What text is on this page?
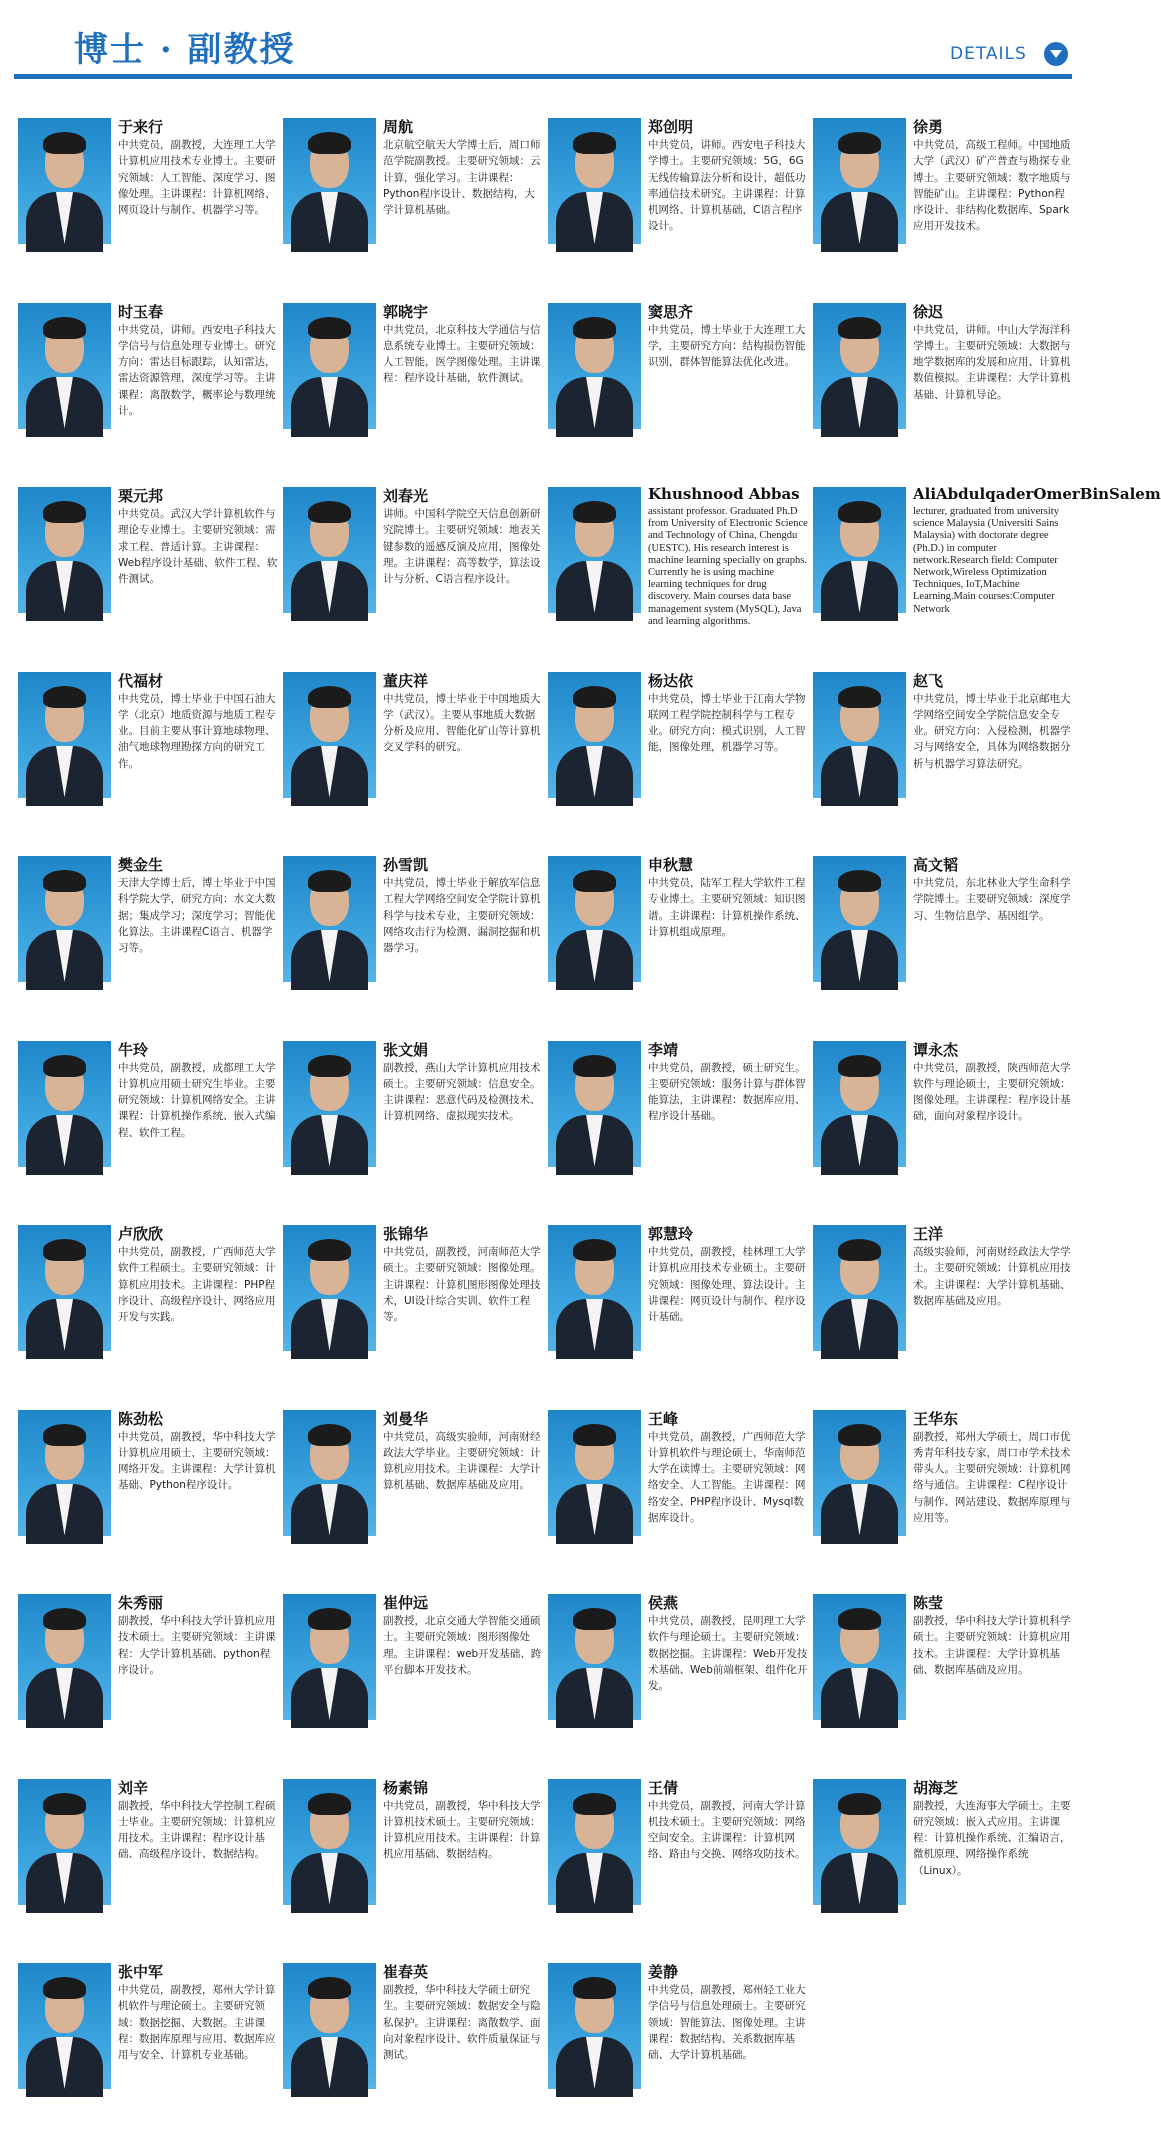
博士 · 副教授	DETAILS
于来行
中共党员，副教授，大连理工大学计算机应用技术专业博士。主要研究领域：人工智能、深度学习、图像处理。主讲课程：计算机网络、网页设计与制作、机器学习等。
周航
北京航空航天大学博士后，周口师范学院副教授。主要研究领域：云计算，强化学习。主讲课程：Python程序设计、数据结构，大学计算机基础。
郑创明
中共党员，讲师。西安电子科技大学博士。主要研究领域：5G，6G无线传输算法分析和设计，超低功率通信技术研究。主讲课程：计算机网络、计算机基础，C语言程序设计。
徐勇
中共党员，高级工程师。中国地质大学（武汉）矿产普查与勘探专业博士。主要研究领域：数字地质与智能矿山。主讲课程：Python程序设计、非结构化数据库、Spark应用开发技术。
时玉春
中共党员，讲师。西安电子科技大学信号与信息处理专业博士。研究方向：雷达目标跟踪，认知雷达，雷达资源管理，深度学习等。主讲课程：离散数学，概率论与数理统计。
郭晓宇
中共党员，北京科技大学通信与信息系统专业博士。主要研究领域：人工智能，医学图像处理。主讲课程：程序设计基础，软件测试。
窦思齐
中共党员，博士毕业于大连理工大学，主要研究方向：结构损伤智能识别，群体智能算法优化改进。
徐迟
中共党员，讲师。中山大学海洋科学博士。主要研究领域：大数据与地学数据库的发展和应用、计算机数值模拟。主讲课程：大学计算机基础、计算机导论。
栗元邦
中共党员。武汉大学计算机软件与理论专业博士。主要研究领域：需求工程、普适计算。主讲课程：Web程序设计基础、软件工程、软件测试。
刘春光
讲师。中国科学院空天信息创新研究院博士。主要研究领域：地表关键参数的遥感反演及应用，图像处理。主讲课程：高等数学，算法设计与分析、C语言程序设计。
Khushnood Abbas
assistant professor. Graduated Ph.D from University of Electronic Science and Technology of China, Chengdu (UESTC). His research interest is machine learning specially on graphs. Currently he is using machine learning techniques for drug discovery. Main courses data base management system (MySQL), Java and learning algorithms.
AliAbdulqaderOmerBinSalem
lecturer, graduated from university science Malaysia (Universiti Sains Malaysia) with doctorate degree (Ph.D.) in computer network.Research field: Computer Network,Wireless Optimization Techniques, IoT,Machine Learning.Main courses:Computer Network
代福材
中共党员，博士毕业于中国石油大学（北京）地质资源与地质工程专业。目前主要从事计算地球物理、油气地球物理勘探方向的研究工作。
董庆祥
中共党员，博士毕业于中国地质大学（武汉）。主要从事地质大数据分析及应用、智能化矿山等计算机交叉学科的研究。
杨达依
中共党员，博士毕业于江南大学物联网工程学院控制科学与工程专业。研究方向：模式识别，人工智能，图像处理，机器学习等。
赵飞
中共党员，博士毕业于北京邮电大学网络空间安全学院信息安全专业。研究方向：入侵检测，机器学习与网络安全，具体为网络数据分析与机器学习算法研究。
樊金生
天津大学博士后，博士毕业于中国科学院大学，研究方向：水文大数据；集成学习；深度学习；智能优化算法。主讲课程C语言、机器学习等。
孙雪凯
中共党员，博士毕业于解放军信息工程大学网络空间安全学院计算机科学与技术专业，主要研究领域：网络攻击行为检测、漏洞挖掘和机器学习。
申秋慧
中共党员，陆军工程大学软件工程专业博士。主要研究领域：知识图谱。主讲课程：计算机操作系统、计算机组成原理。
高文韬
中共党员，东北林业大学生命科学学院博士。主要研究领域：深度学习、生物信息学、基因组学。
牛玲
中共党员，副教授，成都理工大学计算机应用硕士研究生毕业。主要研究领域：计算机网络安全。主讲课程：计算机操作系统、嵌入式编程、软件工程。
张文娟
副教授，燕山大学计算机应用技术硕士。主要研究领域：信息安全。主讲课程：恶意代码及检测技术、计算机网络、虚拟现实技术。
李靖
中共党员，副教授，硕士研究生。主要研究领域：服务计算与群体智能算法，主讲课程：数据库应用、程序设计基础。
谭永杰
中共党员，副教授，陕西师范大学软件与理论硕士，主要研究领域：图像处理。主讲课程：程序设计基础，面向对象程序设计。
卢欣欣
中共党员，副教授，广西师范大学软件工程硕士。主要研究领域：计算机应用技术。主讲课程：PHP程序设计、高级程序设计、网络应用开发与实践。
张锦华
中共党员，副教授，河南师范大学硕士。主要研究领域：图像处理。主讲课程：计算机图形图像处理技术，UI设计综合实训、软件工程等。
郭慧玲
中共党员，副教授，桂林理工大学计算机应用技术专业硕士。主要研究领域：图像处理、算法设计。主讲课程：网页设计与制作、程序设计基础。
王洋
高级实验师，河南财经政法大学学士。主要研究领域：计算机应用技术。主讲课程：大学计算机基础、数据库基础及应用。
陈劲松
中共党员，副教授，华中科技大学计算机应用硕士，主要研究领域：网络开发。主讲课程：大学计算机基础、Python程序设计。
刘曼华
中共党员，高级实验师，河南财经政法大学毕业。主要研究领域：计算机应用技术。主讲课程：大学计算机基础、数据库基础及应用。
王峰
中共党员，副教授，广西师范大学计算机软件与理论硕士，华南师范大学在读博士。主要研究领域：网络安全、人工智能。主讲课程：网络安全、PHP程序设计、Mysql数据库设计。
王华东
副教授，郑州大学硕士，周口市优秀青年科技专家，周口市学术技术带头人。主要研究领域：计算机网络与通信。主讲课程：C程序设计与制作、网站建设、数据库原理与应用等。
朱秀丽
副教授，华中科技大学计算机应用技术硕士。主要研究领域：主讲课程：大学计算机基础、python程序设计。
崔仲远
副教授，北京交通大学智能交通硕士。主要研究领域：图形图像处理。主讲课程：web开发基础、跨平台脚本开发技术。
侯燕
中共党员，副教授，昆明理工大学软件与理论硕士。主要研究领域：数据挖掘。主讲课程：Web开发技术基础、Web前端框架、组件化开发。
陈莹
副教授，华中科技大学计算机科学硕士。主要研究领域：计算机应用技术。主讲课程：大学计算机基础、数据库基础及应用。
刘辛
副教授，华中科技大学控制工程硕士毕业。主要研究领域：计算机应用技术。主讲课程：程序设计基础、高级程序设计、数据结构。
杨素锦
中共党员，副教授，华中科技大学计算机技术硕士。主要研究领域：计算机应用技术。主讲课程：计算机应用基础、数据结构。
王倩
中共党员，副教授，河南大学计算机技术硕士。主要研究领域：网络空间安全。主讲课程：计算机网络、路由与交换、网络攻防技术。
胡海芝
副教授，大连海事大学硕士。主要研究领域：嵌入式应用。主讲课程：计算机操作系统、汇编语言，微机原理、网络操作系统（Linux）。
张中军
中共党员，副教授，郑州大学计算机软件与理论硕士。主要研究领域：数据挖掘、大数据。主讲课程：数据库原理与应用、数据库应用与安全、计算机专业基础。
崔春英
副教授，华中科技大学硕士研究生。主要研究领域：数据安全与隐私保护。主讲课程：离散数学、面向对象程序设计、软件质量保证与测试。
姜静
中共党员，副教授，郑州轻工业大学信号与信息处理硕士。主要研究领域：智能算法、图像处理。主讲课程：数据结构、关系数据库基础、大学计算机基础。
